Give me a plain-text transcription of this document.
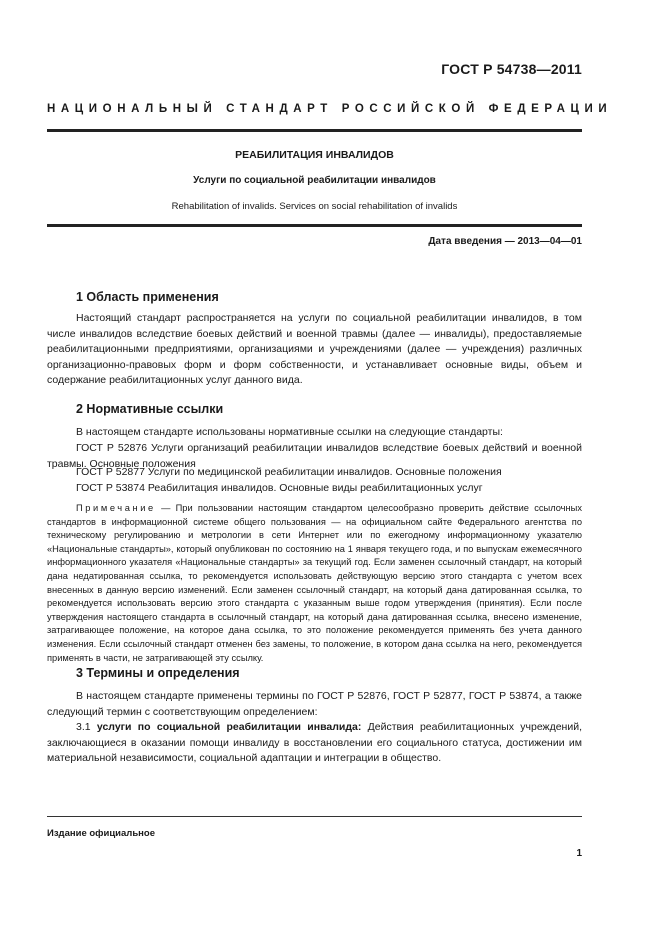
ГОСТ Р 54738—2011
НАЦИОНАЛЬНЫЙ СТАНДАРТ РОССИЙСКОЙ ФЕДЕРАЦИИ
РЕАБИЛИТАЦИЯ ИНВАЛИДОВ
Услуги по социальной реабилитации инвалидов
Rehabilitation of invalids. Services on social rehabilitation of invalids
Дата введения — 2013—04—01
1 Область применения
Настоящий стандарт распространяется на услуги по социальной реабилитации инвалидов, в том числе инвалидов вследствие боевых действий и военной травмы (далее — инвалиды), предоставляемые реабилитационными предприятиями, организациями и учреждениями (далее — учреждения) различных организационно-правовых форм и форм собственности, и устанавливает основные виды, объем и содержание реабилитационных услуг данного вида.
2 Нормативные ссылки
В настоящем стандарте использованы нормативные ссылки на следующие стандарты:
ГОСТ Р 52876 Услуги организаций реабилитации инвалидов вследствие боевых действий и военной травмы. Основные положения
ГОСТ Р 52877 Услуги по медицинской реабилитации инвалидов. Основные положения
ГОСТ Р 53874 Реабилитация инвалидов. Основные виды реабилитационных услуг
Примечание — При пользовании настоящим стандартом целесообразно проверить действие ссылочных стандартов в информационной системе общего пользования — на официальном сайте Федерального агентства по техническому регулированию и метрологии в сети Интернет или по ежегодному информационному указателю «Национальные стандарты», который опубликован по состоянию на 1 января текущего года, и по выпускам ежемесячного информационного указателя «Национальные стандарты» за текущий год. Если заменен ссылочный стандарт, на который дана недатированная ссылка, то рекомендуется использовать действующую версию этого стандарта с учетом всех внесенных в данную версию изменений. Если заменен ссылочный стандарт, на который дана датированная ссылка, то рекомендуется использовать версию этого стандарта с указанным выше годом утверждения (принятия). Если после утверждения настоящего стандарта в ссылочный стандарт, на который дана датированная ссылка, внесено изменение, затрагивающее положение, на которое дана ссылка, то это положение рекомендуется применять без учета данного изменения. Если ссылочный стандарт отменен без замены, то положение, в котором дана ссылка на него, рекомендуется применять в части, не затрагивающей эту ссылку.
3 Термины и определения
В настоящем стандарте применены термины по ГОСТ Р 52876, ГОСТ Р 52877, ГОСТ Р 53874, а также следующий термин с соответствующим определением:
3.1 услуги по социальной реабилитации инвалида: Действия реабилитационных учреждений, заключающиеся в оказании помощи инвалиду в восстановлении его социального статуса, достижении им материальной независимости, социальной адаптации и интеграции в общество.
Издание официальное
1
